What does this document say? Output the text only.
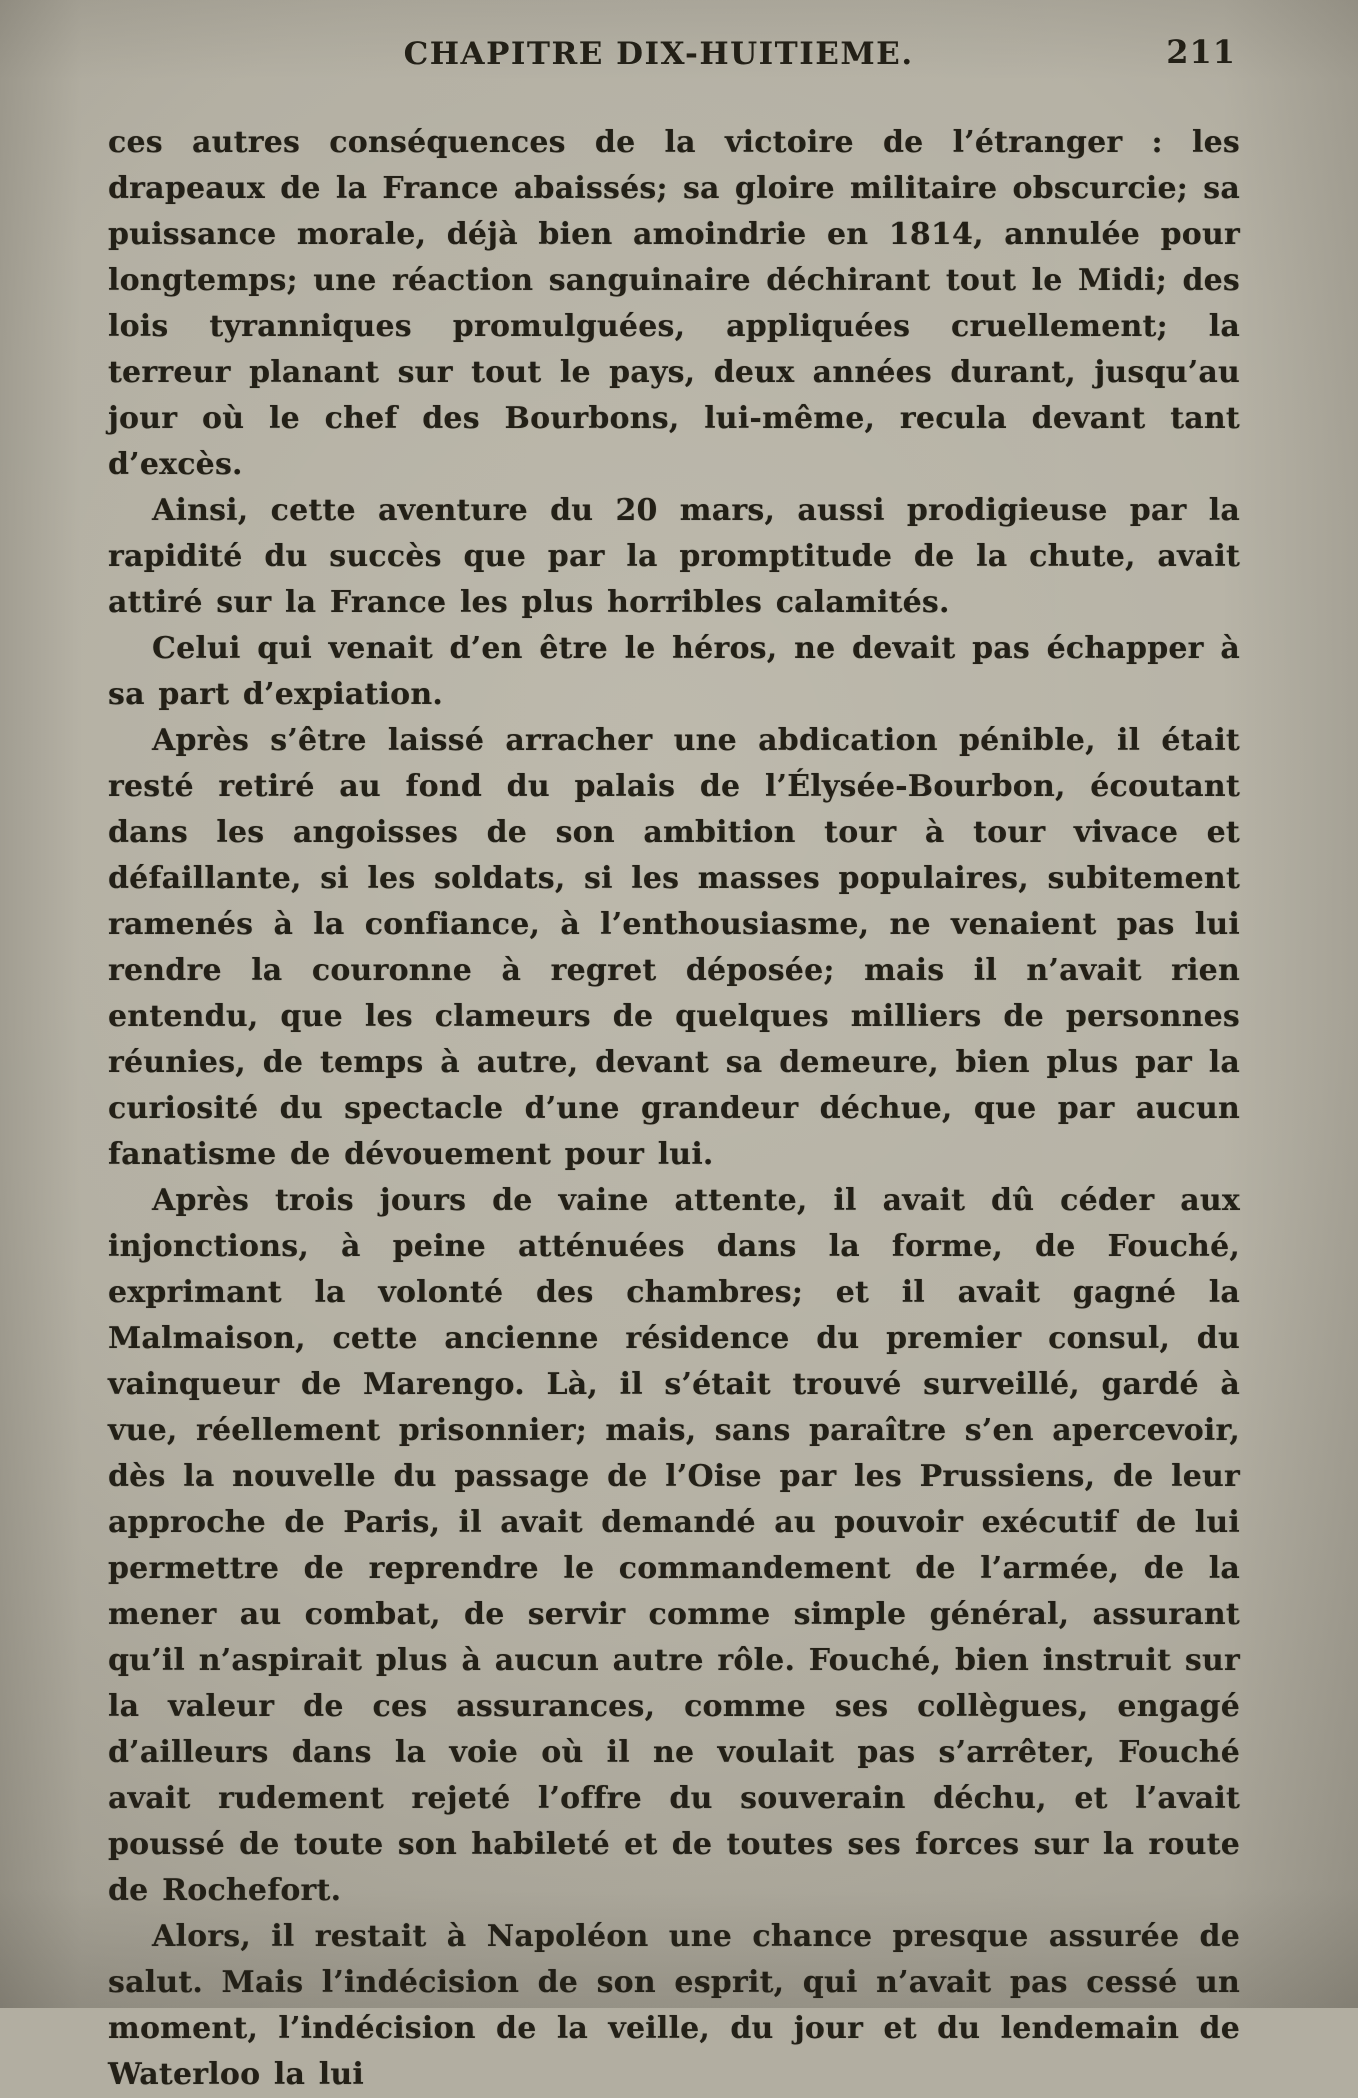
CHAPITRE DIX-HUITIEME.	211

ces autres conséquences de la victoire de l’étranger : les drapeaux de la France abaissés; sa gloire militaire obscurcie; sa puissance morale, déjà bien amoindrie en 1814, annulée pour longtemps; une réaction sanguinaire déchirant tout le Midi; des lois tyranniques promulguées, appliquées cruellement; la terreur planant sur tout le pays, deux années durant, jusqu’au jour où le chef des Bourbons, lui-même, recula devant tant d’excès.

Ainsi, cette aventure du 20 mars, aussi prodigieuse par la rapidité du succès que par la promptitude de la chute, avait attiré sur la France les plus horribles calamités.

Celui qui venait d’en être le héros, ne devait pas échapper à sa part d’expiation.

Après s’être laissé arracher une abdication pénible, il était resté retiré au fond du palais de l’Élysée-Bourbon, écoutant dans les angoisses de son ambition tour à tour vivace et défaillante, si les soldats, si les masses populaires, subitement ramenés à la confiance, à l’enthousiasme, ne venaient pas lui rendre la couronne à regret déposée; mais il n’avait rien entendu, que les clameurs de quelques milliers de personnes réunies, de temps à autre, devant sa demeure, bien plus par la curiosité du spectacle d’une grandeur déchue, que par aucun fanatisme de dévouement pour lui.

Après trois jours de vaine attente, il avait dû céder aux injonctions, à peine atténuées dans la forme, de Fouché, exprimant la volonté des chambres; et il avait gagné la Malmaison, cette ancienne résidence du premier consul, du vainqueur de Marengo. Là, il s’était trouvé surveillé, gardé à vue, réellement prisonnier; mais, sans paraître s’en apercevoir, dès la nouvelle du passage de l’Oise par les Prussiens, de leur approche de Paris, il avait demandé au pouvoir exécutif de lui permettre de reprendre le commandement de l’armée, de la mener au combat, de servir comme simple général, assurant qu’il n’aspirait plus à aucun autre rôle. Fouché, bien instruit sur la valeur de ces assurances, comme ses collègues, engagé d’ailleurs dans la voie où il ne voulait pas s’arrêter, Fouché avait rudement rejeté l’offre du souverain déchu, et l’avait poussé de toute son habileté et de toutes ses forces sur la route de Rochefort.

Alors, il restait à Napoléon une chance presque assurée de salut. Mais l’indécision de son esprit, qui n’avait pas cessé un moment, l’indécision de la veille, du jour et du lendemain de Waterloo la lui
